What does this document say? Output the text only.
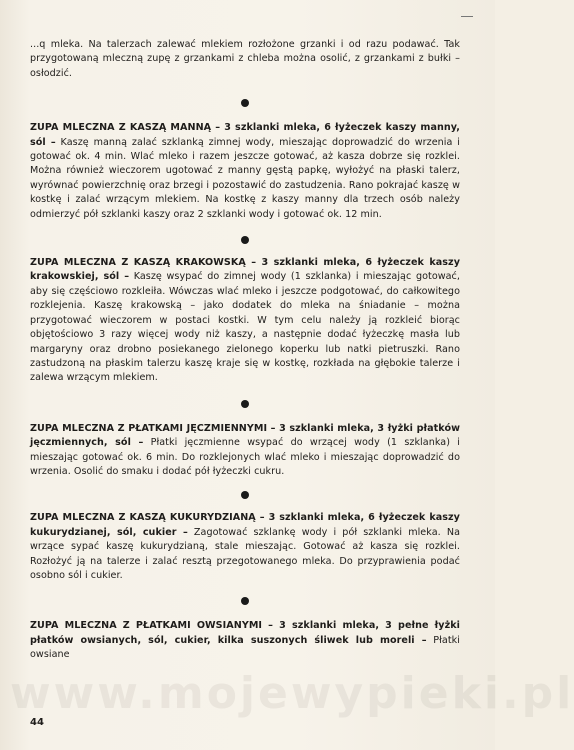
...q mleka. Na talerzach zalewać mlekiem rozłożone grzanki i od razu podawać. Tak przygotowaną mleczną zupę z grzankami z chleba można osolić, z grzankami z bułki – osłodzić.

ZUPA MLECZNA Z KASZĄ MANNĄ – 3 szklanki mleka, 6 łyżeczek kaszy manny, sól – Kaszę manną zalać szklanką zimnej wody, mieszając doprowadzić do wrzenia i gotować ok. 4 min. Wlać mleko i razem jeszcze gotować, aż kasza dobrze się rozklei. Można również wieczorem ugotować z manny gęstą papkę, wyłożyć na płaski talerz, wyrównać powierzchnię oraz brzegi i pozostawić do zastudzenia. Rano pokrajać kaszę w kostkę i zalać wrzącym mlekiem. Na kostkę z kaszy manny dla trzech osób należy odmierzyć pół szklanki kaszy oraz 2 szklanki wody i gotować ok. 12 min.

ZUPA MLECZNA Z KASZĄ KRAKOWSKĄ – 3 szklanki mleka, 6 łyżeczek kaszy krakowskiej, sól – Kaszę wsypać do zimnej wody (1 szklanka) i mieszając gotować, aby się częściowo rozkleiła. Wówczas wlać mleko i jeszcze podgotować, do całkowitego rozklejenia. Kaszę krakowską – jako dodatek do mleka na śniadanie – można przygotować wieczorem w postaci kostki. W tym celu należy ją rozkleić biorąc objętościowo 3 razy więcej wody niż kaszy, a następnie dodać łyżeczkę masła lub margaryny oraz drobno posiekanego zielonego koperku lub natki pietruszki. Rano zastudzoną na płaskim talerzu kaszę kraje się w kostkę, rozkłada na głębokie talerze i zalewa wrzącym mlekiem.

ZUPA MLECZNA Z PŁATKAMI JĘCZMIENNYMI – 3 szklanki mleka, 3 łyżki płatków jęczmiennych, sól – Płatki jęczmienne wsypać do wrzącej wody (1 szklanka) i mieszając gotować ok. 6 min. Do rozklejonych wlać mleko i mieszając doprowadzić do wrzenia. Osolić do smaku i dodać pół łyżeczki cukru.

ZUPA MLECZNA Z KASZĄ KUKURYDZIANĄ – 3 szklanki mleka, 6 łyżeczek kaszy kukurydzianej, sól, cukier – Zagotować szklankę wody i pół szklanki mleka. Na wrzące sypać kaszę kukurydzianą, stale mieszając. Gotować aż kasza się rozklei. Rozłożyć ją na talerze i zalać resztą przegotowanego mleka. Do przyprawienia podać osobno sól i cukier.

ZUPA MLECZNA Z PŁATKAMI OWSIANYMI – 3 szklanki mleka, 3 pełne łyżki płatków owsianych, sól, cukier, kilka suszonych śliwek lub moreli – Płatki owsiane

www.mojewypieki.pl
44
